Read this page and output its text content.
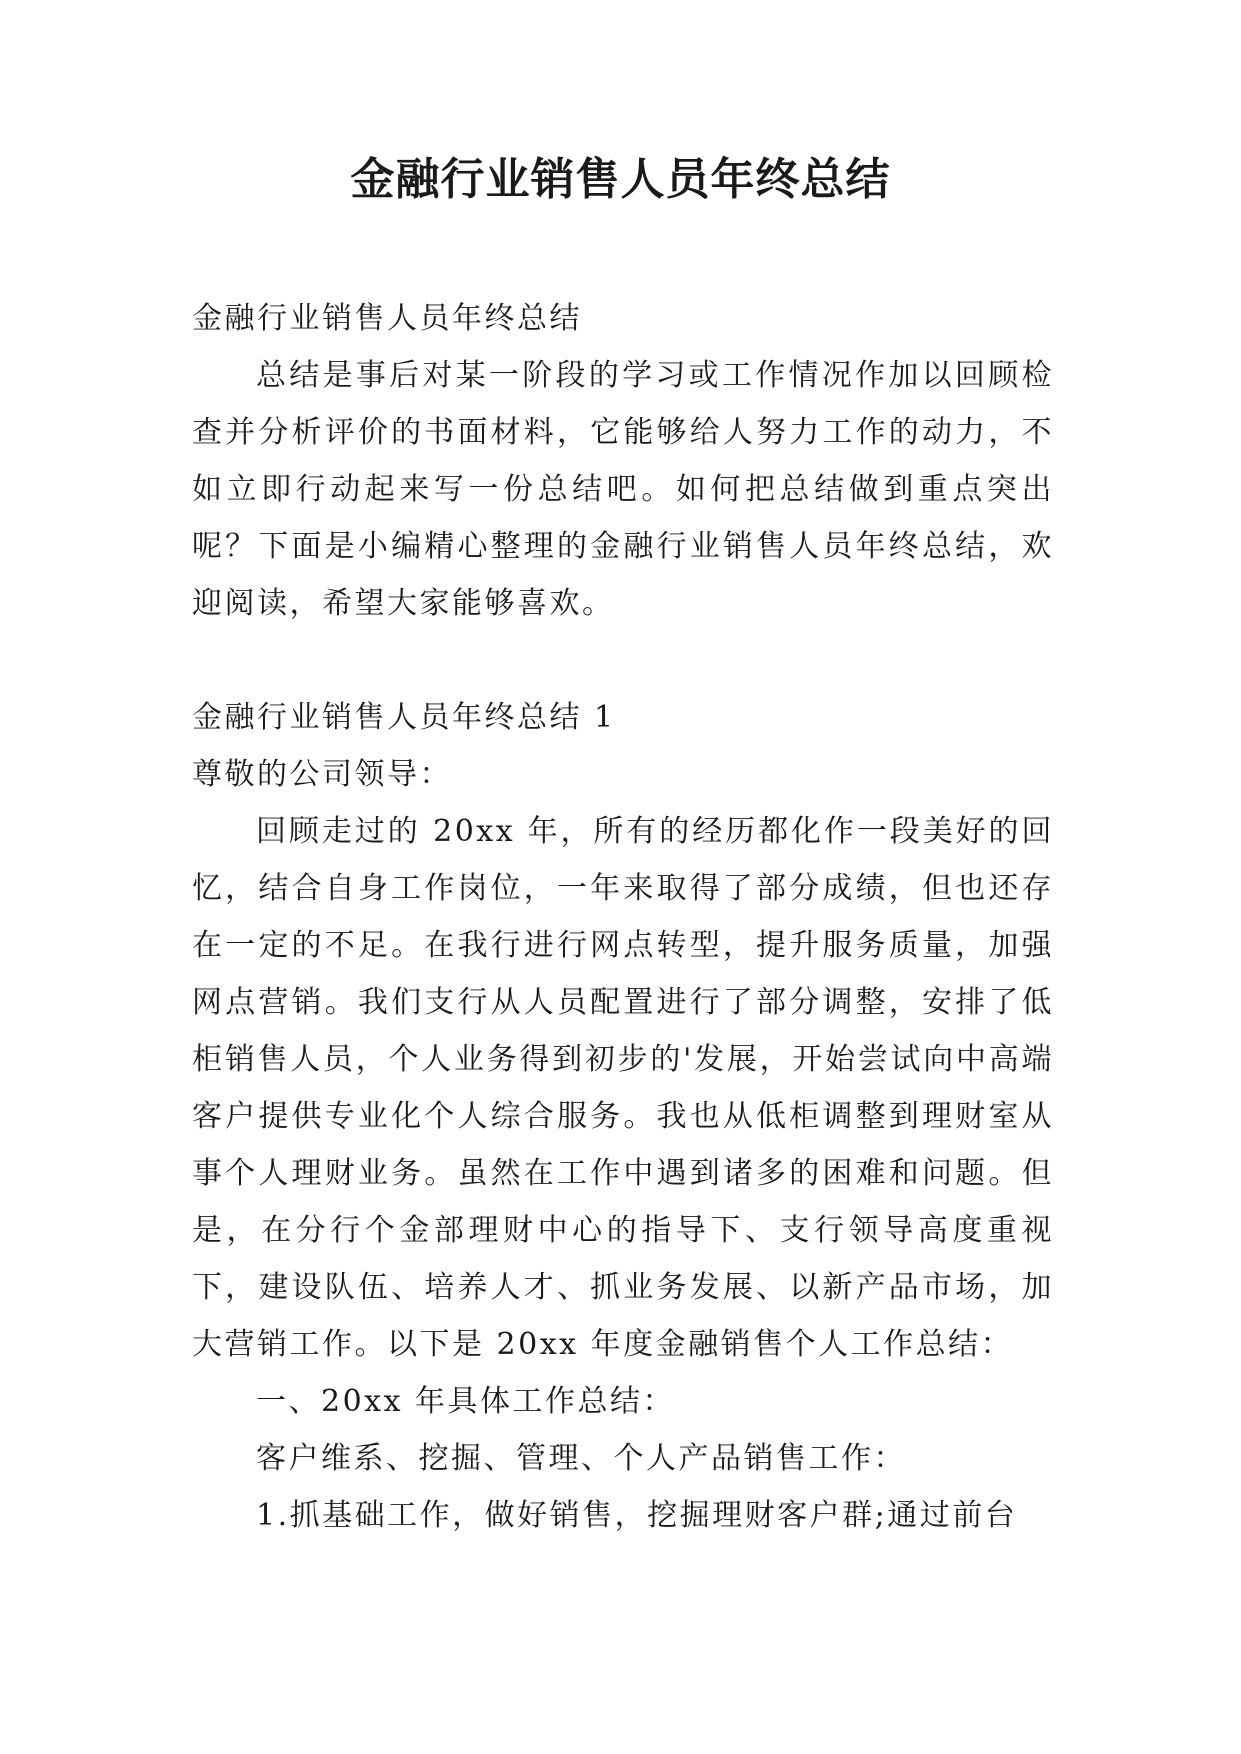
金融行业销售人员年终总结

金融行业销售人员年终总结

总结是事后对某一阶段的学习或工作情况作加以回顾检查并分析评价的书面材料，它能够给人努力工作的动力，不如立即行动起来写一份总结吧。如何把总结做到重点突出呢？下面是小编精心整理的金融行业销售人员年终总结，欢迎阅读，希望大家能够喜欢。

金融行业销售人员年终总结 1

尊敬的公司领导：

回顾走过的 20xx 年，所有的经历都化作一段美好的回忆，结合自身工作岗位，一年来取得了部分成绩，但也还存在一定的不足。在我行进行网点转型，提升服务质量，加强网点营销。我们支行从人员配置进行了部分调整，安排了低柜销售人员，个人业务得到初步的'发展，开始尝试向中高端客户提供专业化个人综合服务。我也从低柜调整到理财室从事个人理财业务。虽然在工作中遇到诸多的困难和问题。但是，在分行个金部理财中心的指导下、支行领导高度重视下，建设队伍、培养人才、抓业务发展、以新产品市场，加大营销工作。以下是 20xx 年度金融销售个人工作总结：

一、20xx 年具体工作总结：

客户维系、挖掘、管理、个人产品销售工作：

1.抓基础工作，做好销售，挖掘理财客户群;通过前台
